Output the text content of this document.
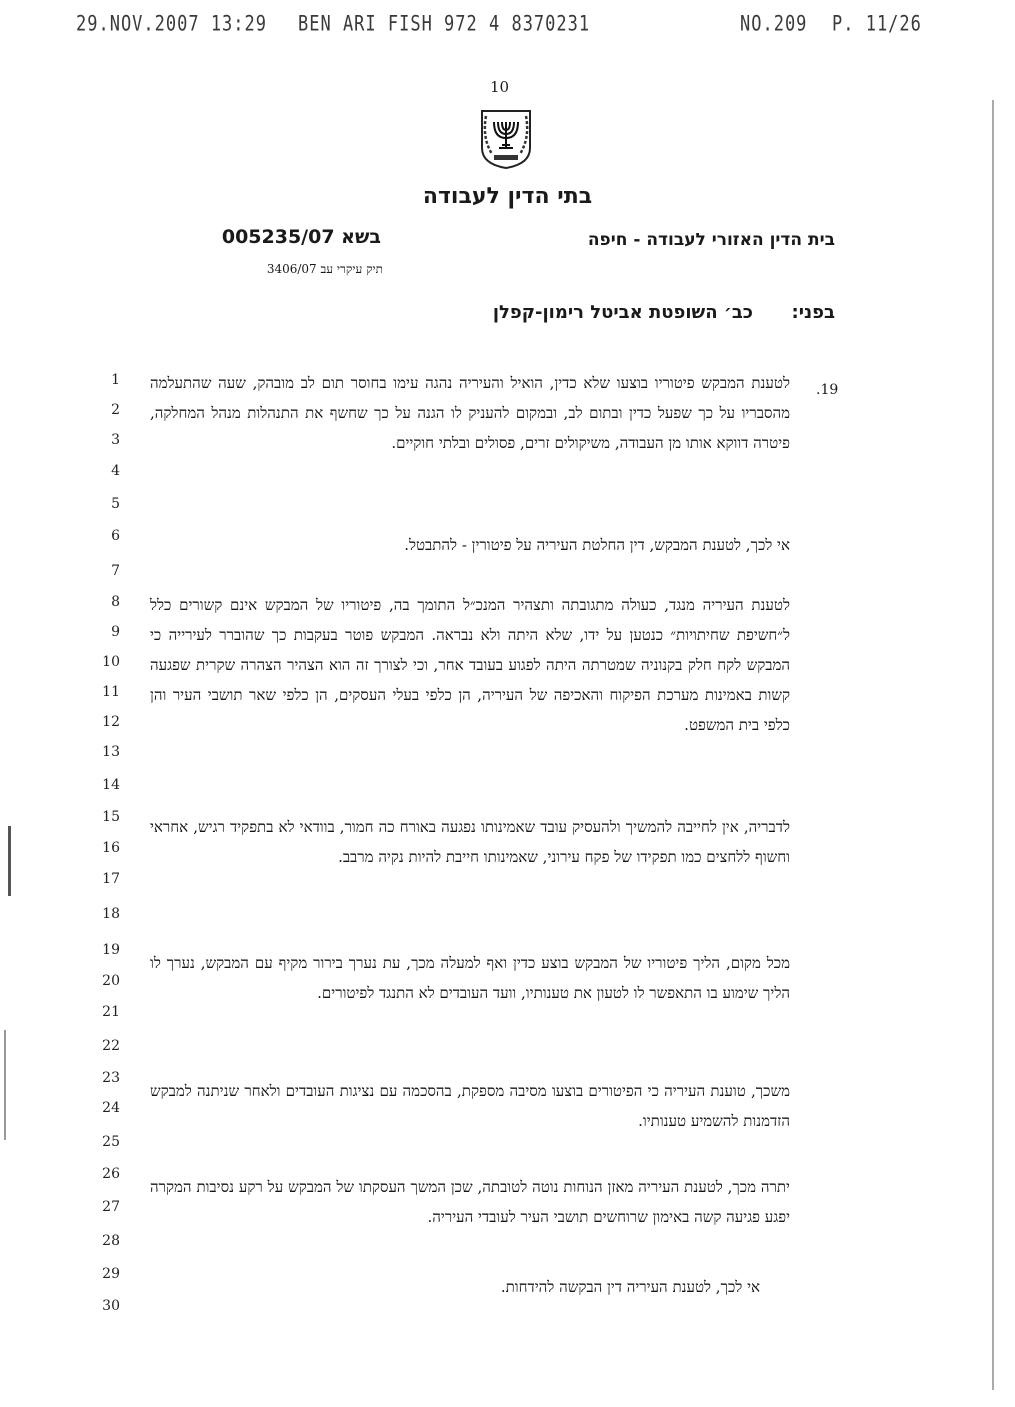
29.NOV.2007 13:29 BEN ARI FISH 972 4 8370231	NO.209 P. 11/26
10
בתי הדין לעבודה
בית הדין האזורי לעבודה - חיפה
בשא 005235/07
תיק עיקרי עב 3406/07
בפני:
כב׳ השופטת אביטל רימון-קפלן
1
2
3
4
5
6
7
8
9
10
11
12
13
14
15
16
17
18
19
20
21
22
23
24
25
26
27
28
29
30
.19
לטענת המבקש פיטוריו בוצעו שלא כדין, הואיל והעיריה נהגה עימו בחוסר תום לב מובהק, שעה שהתעלמה מהסבריו על כך שפעל כדין ובתום לב, ובמקום להעניק לו הגנה על כך שחשף את התנהלות מנהל המחלקה, פיטרה דווקא אותו מן העבודה, משיקולים זרים, פסולים ובלתי חוקיים.
אי לכך, לטענת המבקש, דין החלטת העיריה על פיטורין - להתבטל.
לטענת העיריה מנגד, כעולה מתגובתה ותצהיר המנכ״ל התומך בה, פיטוריו של המבקש אינם קשורים כלל ל״חשיפת שחיתויות״ כנטען על ידו, שלא היתה ולא נבראה. המבקש פוטר בעקבות כך שהוברר לעירייה כי המבקש לקח חלק בקנוניה שמטרתה היתה לפגוע בעובד אחר, וכי לצורך זה הוא הצהיר הצהרה שקרית שפגעה קשות באמינות מערכת הפיקוח והאכיפה של העיריה, הן כלפי בעלי העסקים, הן כלפי שאר תושבי העיר והן כלפי בית המשפט.
לדבריה, אין לחייבה להמשיך ולהעסיק עובד שאמינותו נפגעה באורח כה חמור, בוודאי לא בתפקיד רגיש, אחראי וחשוף ללחצים כמו תפקידו של פקח עירוני, שאמינותו חייבת להיות נקיה מרבב.
מכל מקום, הליך פיטוריו של המבקש בוצע כדין ואף למעלה מכך, עת נערך בירור מקיף עם המבקש, נערך לו הליך שימוע בו התאפשר לו לטעון את טענותיו, וועד העובדים לא התנגד לפיטורים.
משכך, טוענת העיריה כי הפיטורים בוצעו מסיבה מספקת, בהסכמה עם נציגות העובדים ולאחר שניתנה למבקש הזדמנות להשמיע טענותיו.
יתרה מכך, לטענת העיריה מאזן הנוחות נוטה לטובתה, שכן המשך העסקתו של המבקש על רקע נסיבות המקרה יפגע פגיעה קשה באימון שרוחשים תושבי העיר לעובדי העיריה.
אי לכך, לטענת העיריה דין הבקשה להידחות.
